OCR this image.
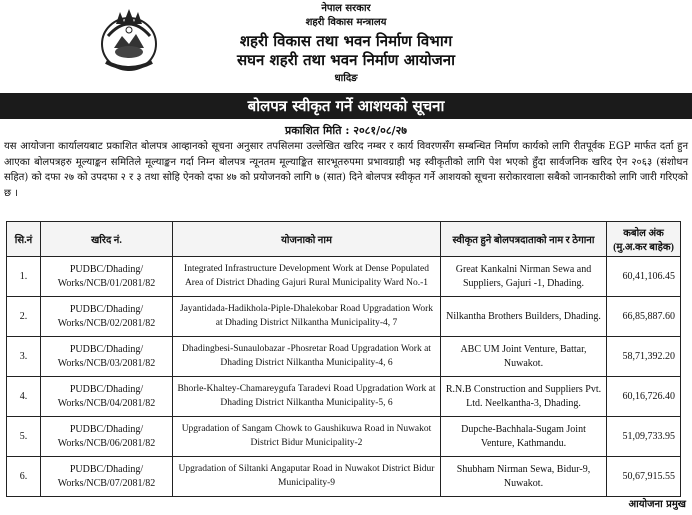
नेपाल सरकार
शहरी विकास मन्त्रालय
शहरी विकास तथा भवन निर्माण विभाग
सघन शहरी तथा भवन निर्माण आयोजना
धादिङ
बोलपत्र स्वीकृत गर्ने आशयको सूचना
प्रकाशित मिति : २०८१/०८/२७
यस आयोजना कार्यालयबाट प्रकाशित बोलपत्र आव्हानको सूचना अनुसार तपसिलमा उल्लेखित खरिद नम्बर र कार्य विवरणसँग सम्बन्धित निर्माण कार्यको लागि रीतपूर्वक EGP मार्फत दर्ता हुन आएका बोलपत्रहरु मूल्याङ्कन समितिले मूल्याङ्कन गर्दा निम्न बोलपत्र न्यूनतम मूल्याङ्कित सारभूतरुपमा प्रभावग्राही भइ स्वीकृतीको लागि पेश भएको हुँदा सार्वजनिक खरिद ऐन २०६३ (संशोधन सहित) को दफा २७ को उपदफा २ र ३ तथा सोहि ऐनको दफा ४७ को प्रयोजनको लागि ७ (सात) दिने बोलपत्र स्वीकृत गर्ने आशयको सूचना सरोकारवाला सबैको जानकारीको लागि जारी गरिएको छ ।
सि.नं	खरिद नं.	योजनाको नाम	स्वीकृत हुने बोलपत्रदाताको नाम र ठेगाना	कबोल अंक (मु.अ.कर बाहेक)
1.	PUDBC/Dhading/ Works/NCB/01/2081/82	Integrated Infrastructure Development Work at Dense Populated Area of District Dhading Gajuri Rural Municipality Ward No.-1	Great Kankalni Nirman Sewa and Suppliers, Gajuri -1, Dhading.	60,41,106.45
2.	PUDBC/Dhading/ Works/NCB/02/2081/82	Jayantidada-Hadikhola-Piple-Dhalekobar Road Upgradation Work at Dhading District Nilkantha Municipality-4, 7	Nilkantha Brothers Builders, Dhading.	66,85,887.60
3.	PUDBC/Dhading/ Works/NCB/03/2081/82	Dhadingbesi-Sunaulobazar -Phosretar Road Upgradation Work at Dhading District Nilkantha Municipality-4, 6	ABC UM Joint Venture, Battar, Nuwakot.	58,71,392.20
4.	PUDBC/Dhading/ Works/NCB/04/2081/82	Bhorle-Khaltey-Chamareygufa Taradevi Road Upgradation Work at Dhading District Nilkantha Municipality-5, 6	R.N.B Construction and Suppliers Pvt. Ltd. Neelkantha-3, Dhading.	60,16,726.40
5.	PUDBC/Dhading/ Works/NCB/06/2081/82	Upgradation of Sangam Chowk to Gaushikuwa Road in Nuwakot District Bidur Municipality-2	Dupche-Bachhala-Sugam Joint Venture, Kathmandu.	51,09,733.95
6.	PUDBC/Dhading/ Works/NCB/07/2081/82	Upgradation of Siltanki Angaputar Road in Nuwakot District Bidur Municipality-9	Shubham Nirman Sewa, Bidur-9, Nuwakot.	50,67,915.55
आयोजना प्रमुख
